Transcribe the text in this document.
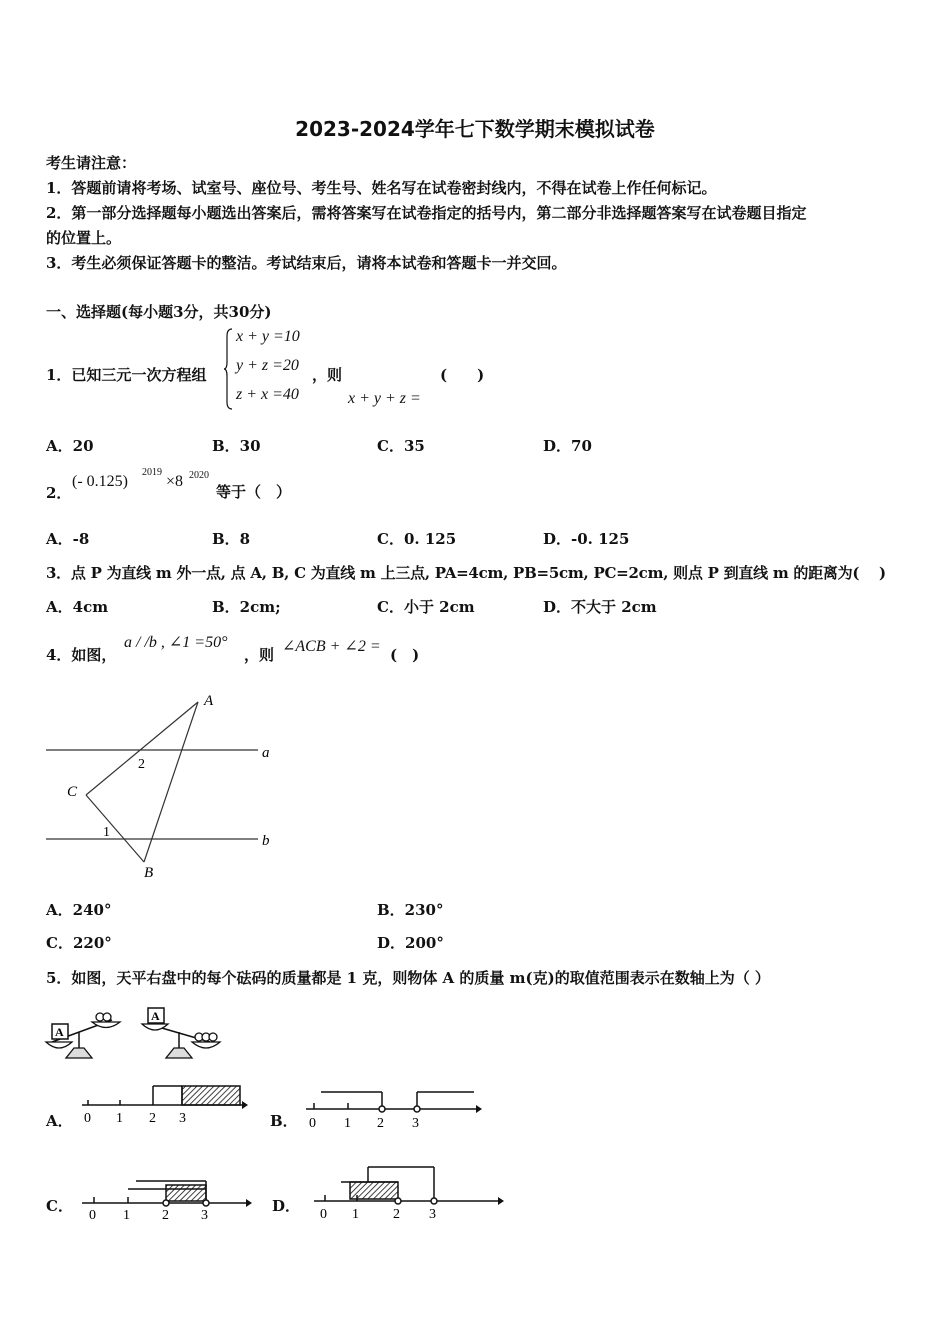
2023-2024学年七下数学期末模拟试卷
考生请注意：
1．答题前请将考场、试室号、座位号、考生号、姓名写在试卷密封线内，不得在试卷上作任何标记。
2．第一部分选择题每小题选出答案后，需将答案写在试卷指定的括号内，第二部分非选择题答案写在试卷题目指定
的位置上。
3．考生必须保证答题卡的整洁。考试结束后，请将本试卷和答题卡一并交回。
一、选择题(每小题3分，共30分)
1．已知三元一次方程组
x + y =10
y + z =20
z + x =40
，则
x + y + z =
(　　)
A．20	B．30	C．35	D．70
2．
(- 0.125)
2019
×8 2020
等于（　）
A．-8	B．8	C．0. 125	D．-0. 125
3．点 P 为直线 m 外一点, 点 A, B, C 为直线 m 上三点, PA=4cm, PB=5cm, PC=2cm, 则点 P 到直线 m 的距离为(　 )
A．4cm	B．2cm;	C．小于 2cm	D．不大于 2cm
4．如图，
a / /b , ∠1 =50°
，则 ∠ACB + ∠2 = (　)
A
a
2
C
1
b
B
A．240°	B．230°
C．220°	D．200°
5．如图，天平右盘中的每个砝码的质量都是 1 克，则物体 A 的质量 m(克)的取值范围表示在数轴上为（ ）
A
A
A．	B．
C．	D．
0 1 2 3	0 1 2 3
0 1 2 3	0 1 2 3
